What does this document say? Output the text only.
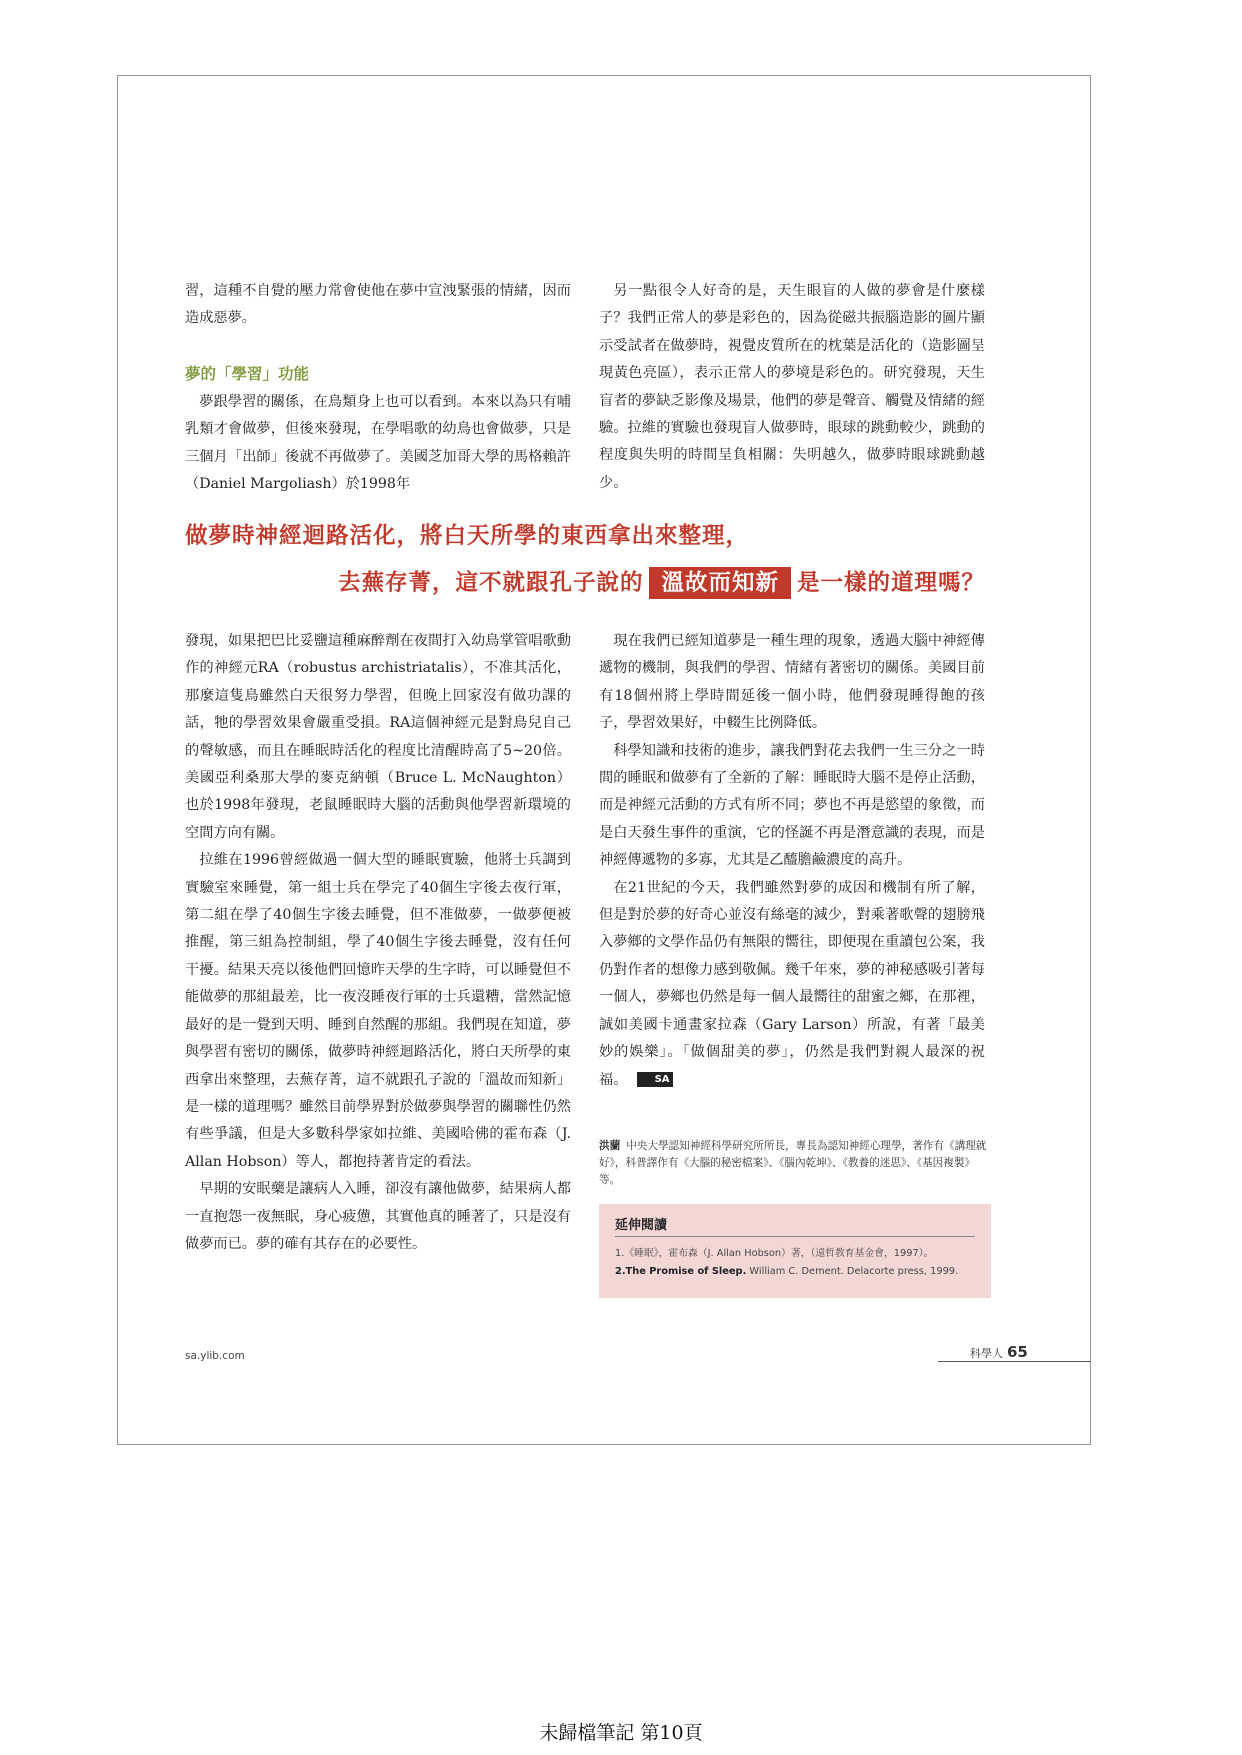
習，這種不自覺的壓力常會使他在夢中宣洩緊張的情緒，因而造成惡夢。

夢的「學習」功能

夢跟學習的關係，在鳥類身上也可以看到。本來以為只有哺乳類才會做夢，但後來發現，在學唱歌的幼鳥也會做夢，只是三個月「出師」後就不再做夢了。美國芝加哥大學的馬格賴許（Daniel Margoliash）於1998年

另一點很令人好奇的是，天生眼盲的人做的夢會是什麼樣子？我們正常人的夢是彩色的，因為從磁共振腦造影的圖片顯示受試者在做夢時，視覺皮質所在的枕葉是活化的（造影圖呈現黃色亮區），表示正常人的夢境是彩色的。研究發現，天生盲者的夢缺乏影像及場景，他們的夢是聲音、觸覺及情緒的經驗。拉維的實驗也發現盲人做夢時，眼球的跳動較少，跳動的程度與失明的時間呈負相關：失明越久，做夢時眼球跳動越少。

做夢時神經迴路活化，將白天所學的東西拿出來整理，
去蕪存菁，這不就跟孔子說的 溫故而知新 是一樣的道理嗎？

發現，如果把巴比妥鹽這種麻醉劑在夜間打入幼鳥掌管唱歌動作的神經元RA（robustus archistriatalis），不准其活化，那麼這隻鳥雖然白天很努力學習，但晚上回家沒有做功課的話，牠的學習效果會嚴重受損。RA這個神經元是對鳥兒自己的聲敏感，而且在睡眠時活化的程度比清醒時高了5~20倍。美國亞利桑那大學的麥克納頓（Bruce L. McNaughton）也於1998年發現，老鼠睡眠時大腦的活動與他學習新環境的空間方向有關。

拉維在1996曾經做過一個大型的睡眠實驗，他將士兵調到實驗室來睡覺，第一組士兵在學完了40個生字後去夜行軍，第二組在學了40個生字後去睡覺，但不准做夢，一做夢便被推醒，第三組為控制組，學了40個生字後去睡覺，沒有任何干擾。結果天亮以後他們回憶昨天學的生字時，可以睡覺但不能做夢的那組最差，比一夜沒睡夜行軍的士兵還糟，當然記憶最好的是一覺到天明、睡到自然醒的那組。我們現在知道，夢與學習有密切的關係，做夢時神經迴路活化，將白天所學的東西拿出來整理，去蕪存菁，這不就跟孔子說的「溫故而知新」是一樣的道理嗎？雖然目前學界對於做夢與學習的關聯性仍然有些爭議，但是大多數科學家如拉維、美國哈佛的霍布森（J. Allan Hobson）等人，都抱持著肯定的看法。

早期的安眠藥是讓病人入睡，卻沒有讓他做夢，結果病人都一直抱怨一夜無眠，身心疲憊，其實他真的睡著了，只是沒有做夢而已。夢的確有其存在的必要性。

現在我們已經知道夢是一種生理的現象，透過大腦中神經傳遞物的機制，與我們的學習、情緒有著密切的關係。美國目前有18個州將上學時間延後一個小時，他們發現睡得飽的孩子，學習效果好，中輟生比例降低。

科學知識和技術的進步，讓我們對花去我們一生三分之一時間的睡眠和做夢有了全新的了解：睡眠時大腦不是停止活動，而是神經元活動的方式有所不同；夢也不再是慾望的象徵，而是白天發生事件的重演，它的怪誕不再是潛意識的表現，而是神經傳遞物的多寡，尤其是乙醯膽鹼濃度的高升。

在21世紀的今天，我們雖然對夢的成因和機制有所了解，但是對於夢的好奇心並沒有絲毫的減少，對乘著歌聲的翅膀飛入夢鄉的文學作品仍有無限的嚮往，即便現在重讀包公案，我仍對作者的想像力感到敬佩。幾千年來，夢的神秘感吸引著每一個人，夢鄉也仍然是每一個人最嚮往的甜蜜之鄉，在那裡，誠如美國卡通畫家拉森（Gary Larson）所說，有著「最美妙的娛樂」。「做個甜美的夢」，仍然是我們對親人最深的祝福。	SA

洪蘭 中央大學認知神經科學研究所所長，專長為認知神經心理學，著作有《講理就好》，科普譯作有《大腦的秘密檔案》、《腦內乾坤》、《教養的迷思》、《基因複製》等。
延伸閱讀
1.《睡眠》，霍布森（J. Allan Hobson）著，（遠哲教育基金會，1997）。
2.The Promise of Sleep. William C. Dement. Delacorte press, 1999.
sa.ylib.com	科學人 65
未歸檔筆記 第10頁
